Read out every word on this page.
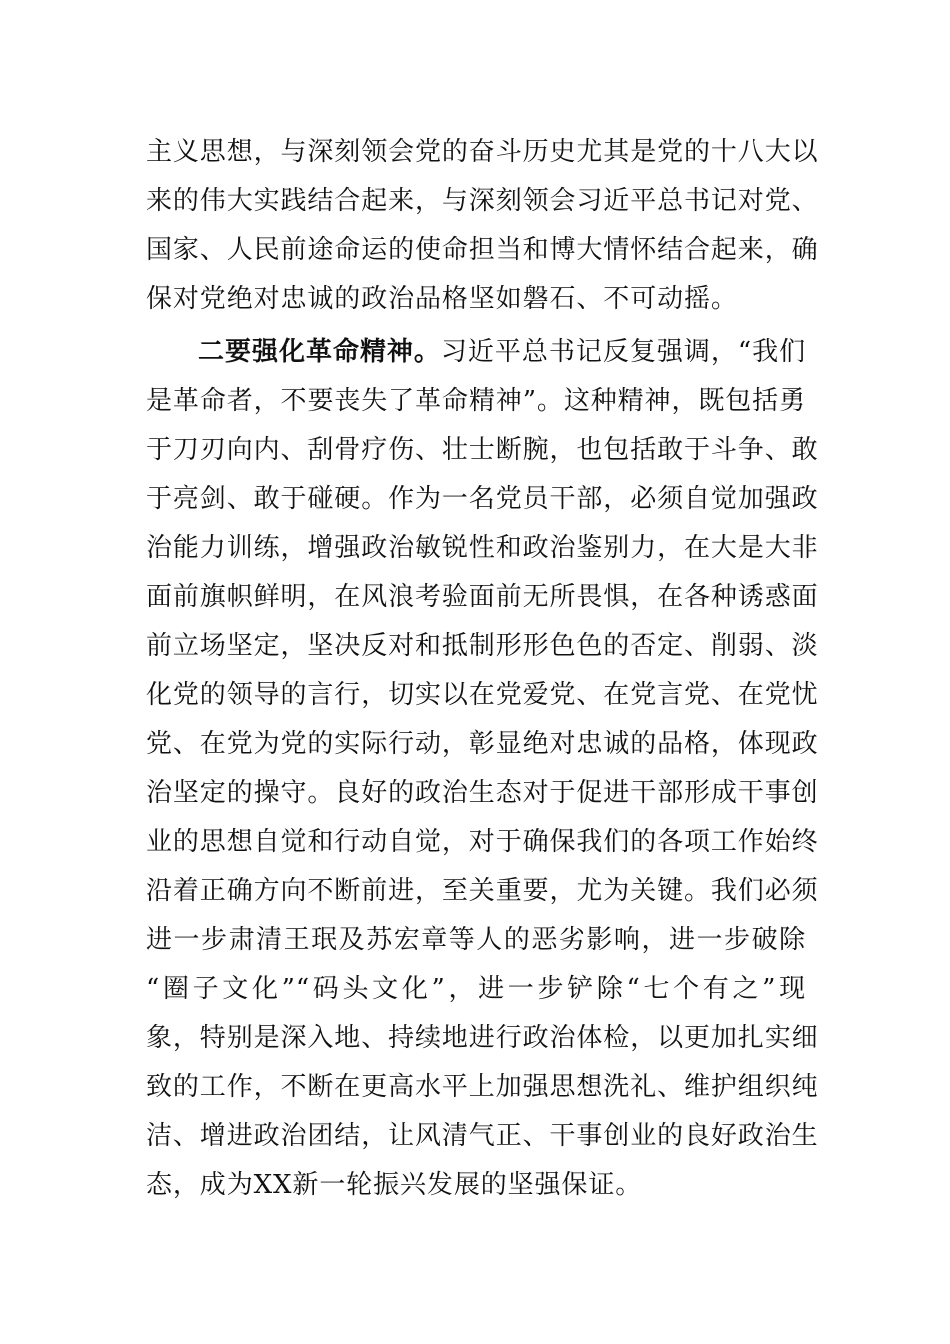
主义思想，与深刻领会党的奋斗历史尤其是党的十八大以
来的伟大实践结合起来，与深刻领会习近平总书记对党、
国家、人民前途命运的使命担当和博大情怀结合起来，确
保对党绝对忠诚的政治品格坚如磐石、不可动摇。
二要强化革命精神。习近平总书记反复强调，“我们
是革命者，不要丧失了革命精神”。这种精神，既包括勇
于刀刃向内、刮骨疗伤、壮士断腕，也包括敢于斗争、敢
于亮剑、敢于碰硬。作为一名党员干部，必须自觉加强政
治能力训练，增强政治敏锐性和政治鉴别力，在大是大非
面前旗帜鲜明，在风浪考验面前无所畏惧，在各种诱惑面
前立场坚定，坚决反对和抵制形形色色的否定、削弱、淡
化党的领导的言行，切实以在党爱党、在党言党、在党忧
党、在党为党的实际行动，彰显绝对忠诚的品格，体现政
治坚定的操守。良好的政治生态对于促进干部形成干事创
业的思想自觉和行动自觉，对于确保我们的各项工作始终
沿着正确方向不断前进，至关重要，尤为关键。我们必须
进一步肃清王珉及苏宏章等人的恶劣影响，进一步破除
“圈子文化”“码头文化”，进一步铲除“七个有之”现
象，特别是深入地、持续地进行政治体检，以更加扎实细
致的工作，不断在更高水平上加强思想洗礼、维护组织纯
洁、增进政治团结，让风清气正、干事创业的良好政治生
态，成为XX新一轮振兴发展的坚强保证。
